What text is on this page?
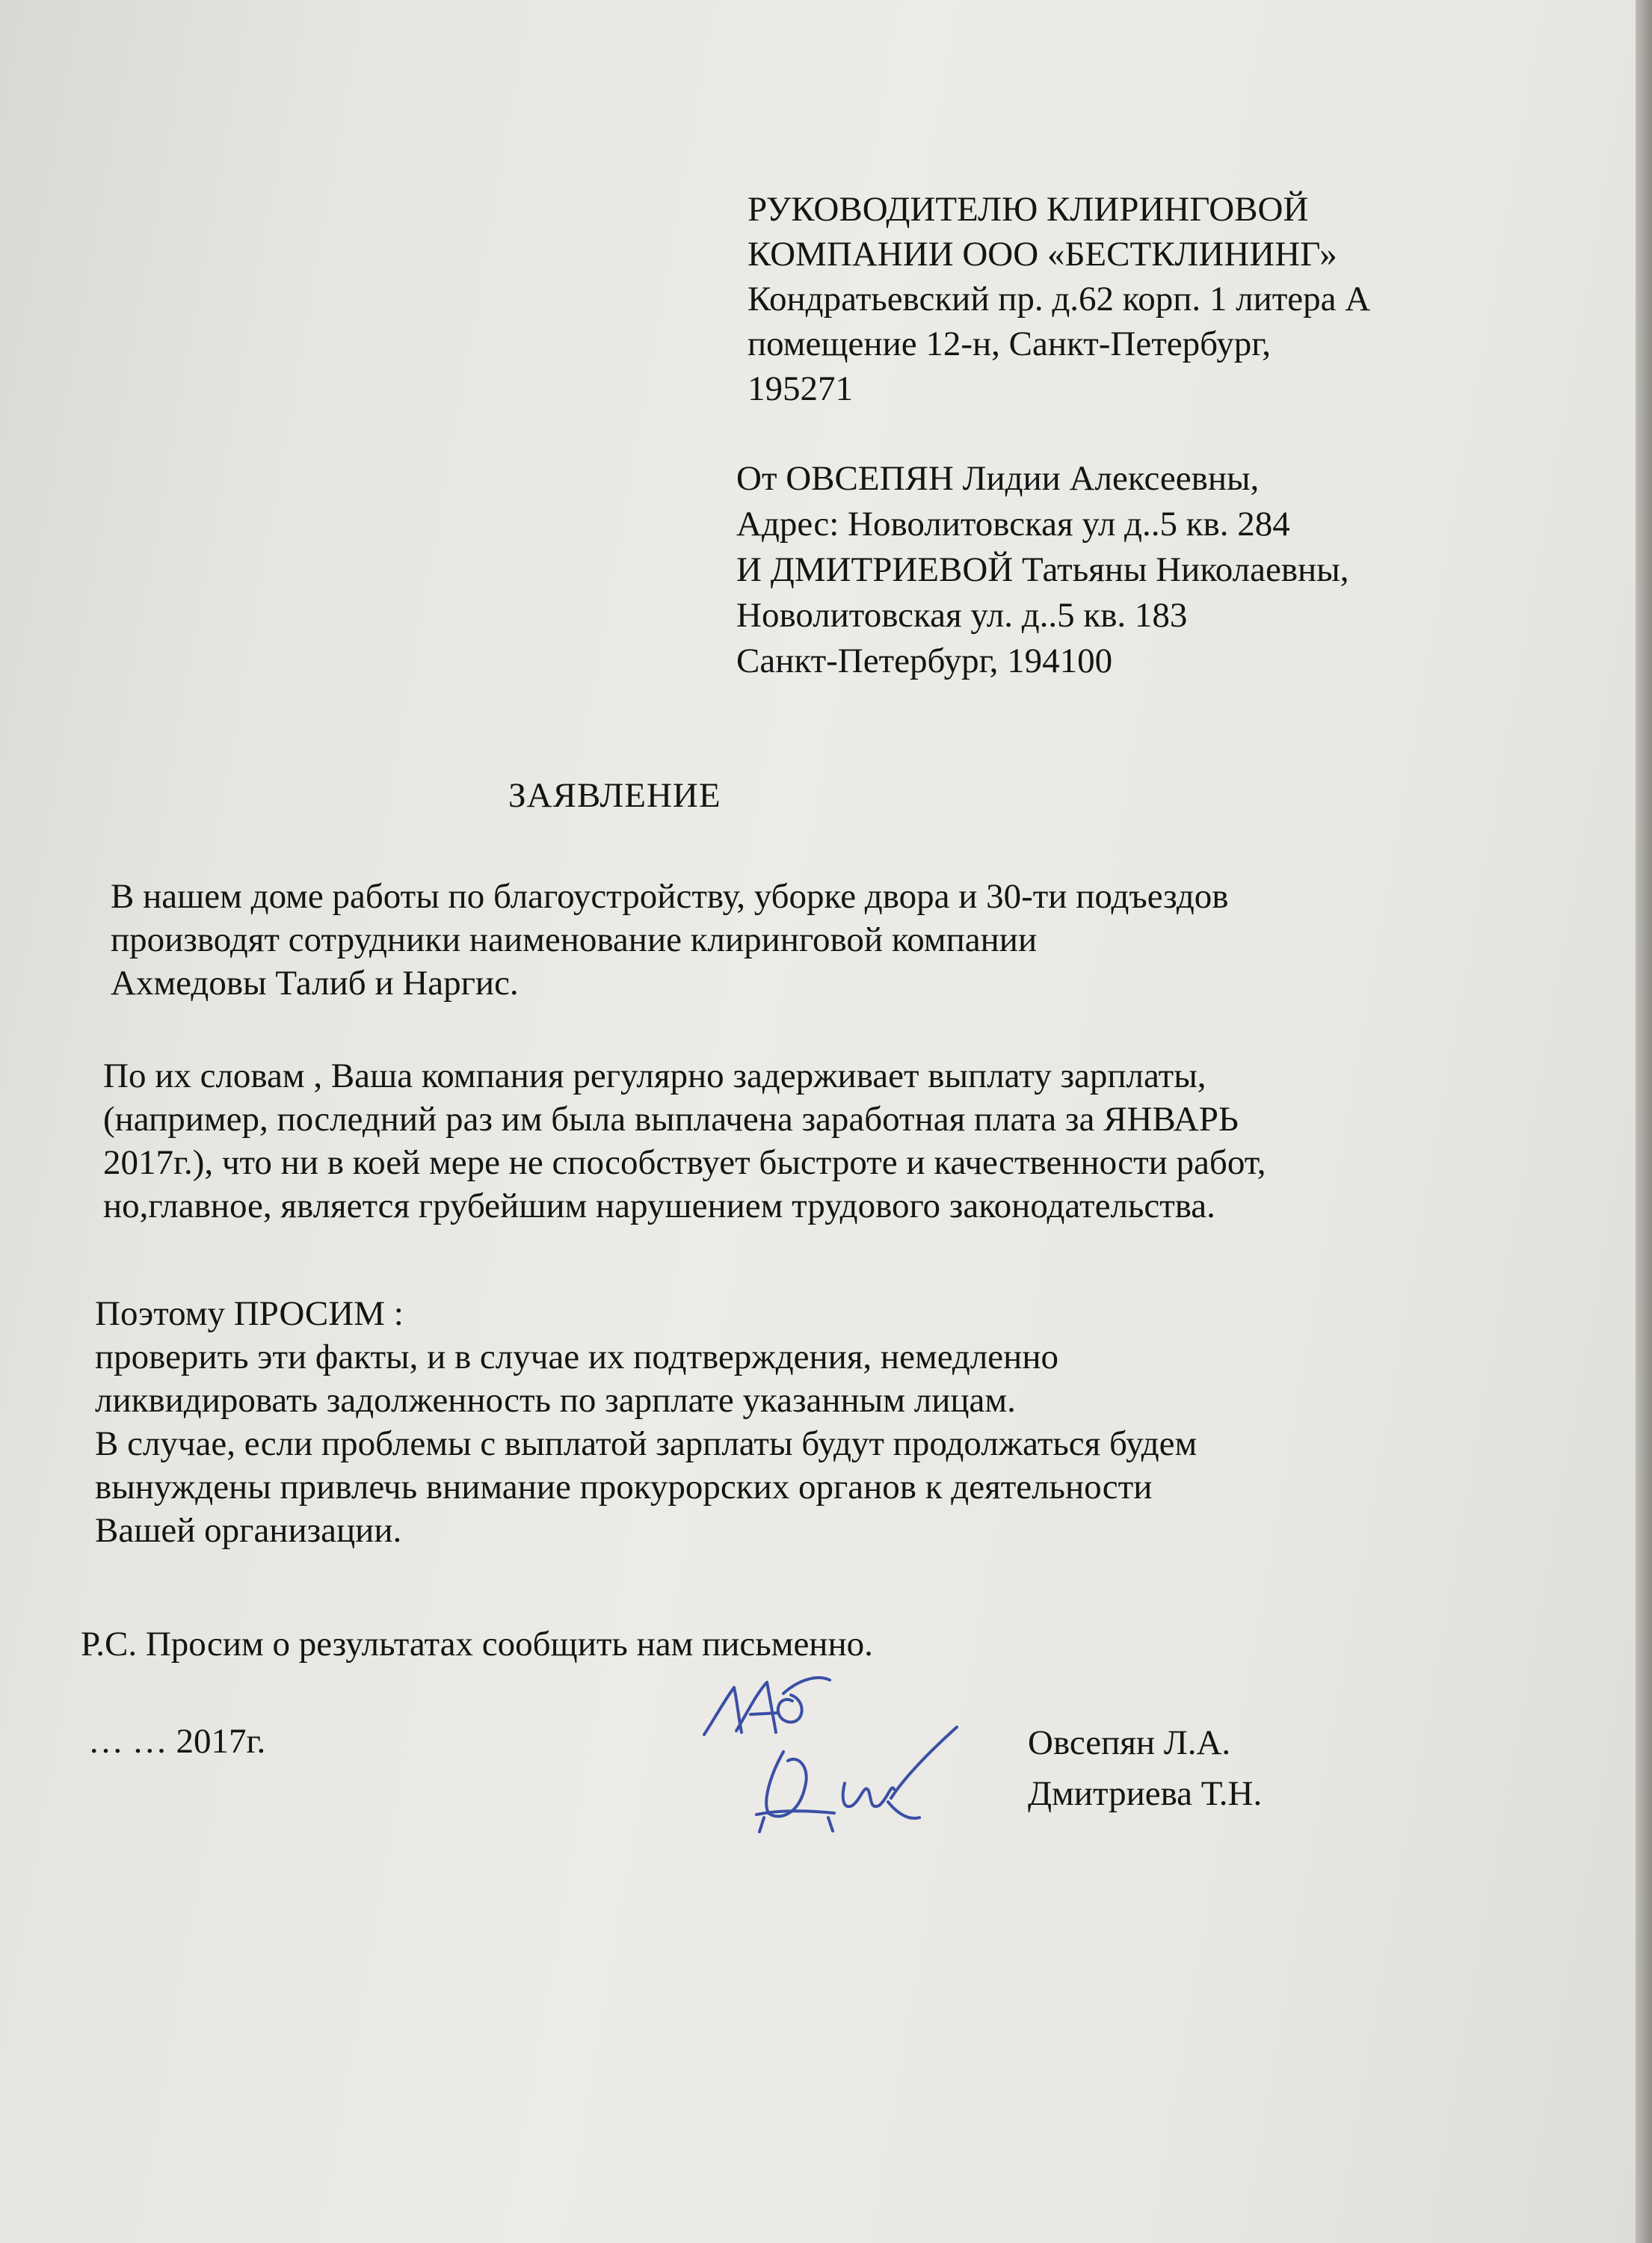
РУКОВОДИТЕЛЮ КЛИРИНГОВОЙ
КОМПАНИИ ООО «БЕСТКЛИНИНГ»
Кондратьевский пр. д.62 корп. 1 литера А
помещение 12-н, Санкт-Петербург,
195271
От ОВСЕПЯН Лидии Алексеевны,
Адрес: Новолитовская ул д..5 кв. 284
И ДМИТРИЕВОЙ Татьяны Николаевны,
Новолитовская ул. д..5 кв. 183
Санкт-Петербург, 194100
ЗАЯВЛЕНИЕ
В нашем доме работы по благоустройству, уборке двора и 30-ти подъездов
производят сотрудники наименование клиринговой компании
Ахмедовы Талиб и Наргис.
По их словам , Ваша компания регулярно задерживает выплату зарплаты,
(например, последний раз им была выплачена заработная плата за ЯНВАРЬ
2017г.), что ни в коей мере не способствует быстроте и качественности работ,
но,главное, является грубейшим нарушением трудового законодательства.
Поэтому ПРОСИМ :
проверить эти факты, и в случае их подтверждения, немедленно
ликвидировать задолженность по зарплате указанным лицам.
В случае, если проблемы с выплатой зарплаты будут продолжаться будем
вынуждены привлечь внимание прокурорских органов к деятельности
Вашей организации.
Р.С. Просим о результатах сообщить нам письменно.
… … 2017г.	Овсепян Л.А.
Дмитриева Т.Н.
